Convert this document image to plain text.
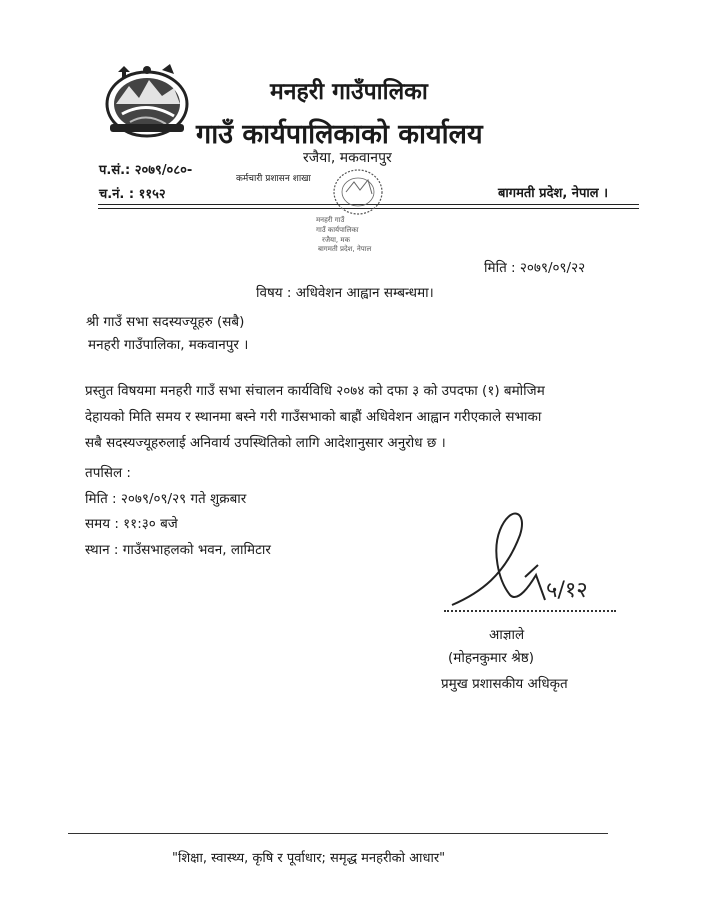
मनहरी गाउँपालिका
गाउँ कार्यपालिकाको कार्यालय
रजैया, मकवानपुर
प.सं.: २०७९/०८०-
कर्मचारी प्रशासन शाखा
च.नं. : ११५२	बागमती प्रदेश, नेपाल ।
मनहरी गाउँ
गाउँ कार्यपालिका
रजैया, मक
बागमती प्रदेश, नेपाल
मिति : २०७९/०९/२२
विषय : अधिवेशन आह्वान सम्बन्धमा।
श्री गाउँ सभा सदस्यज्यूहरु (सबै)
मनहरी गाउँपालिका, मकवानपुर ।
प्रस्तुत विषयमा मनहरी गाउँ सभा संचालन कार्यविधि २०७४ को दफा ३ को उपदफा (१) बमोजिम
देहायको मिति समय र स्थानमा बस्ने गरी गाउँसभाको बाह्रौं अधिवेशन आह्वान गरीएकाले सभाका
सबै सदस्यज्यूहरुलाई अनिवार्य उपस्थितिको लागि आदेशानुसार अनुरोध छ ।
तपसिल :
मिति : २०७९/०९/२९ गते शुक्रबार
समय : ११:३० बजे
स्थान : गाउँसभाहलको भवन, लामिटार
५/१२
आज्ञाले
(मोहनकुमार श्रेष्ठ)
प्रमुख प्रशासकीय अधिकृत
"शिक्षा, स्वास्थ्य, कृषि र पूर्वाधार; समृद्ध मनहरीको आधार"
